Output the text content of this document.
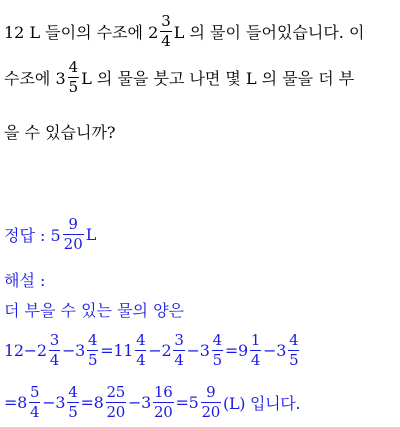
12 L 들이의 수조에 $2 \frac{3}{4}$ L 의 물이 들어있습니다. 이
수조에 $3 \frac{4}{5}$ L 의 물을 붓고 나면 몇 L 의 물을 더 부
을 수 있습니까?
정답 : $5 \frac{9}{20}$ L
해설 :
더 부을 수 있는 물의 양은
$12-2 \frac{3}{4} -3 \frac{4}{5} =11 \frac{4}{4} -2 \frac{3}{4} -3 \frac{4}{5} =9 \frac{1}{4} -3 \frac{4}{5}$
$=8 \frac{5}{4} -3 \frac{4}{5} =8 \frac{25}{20} -3 \frac{16}{20} =5 \frac{9}{20} (L)$ 입니다.
